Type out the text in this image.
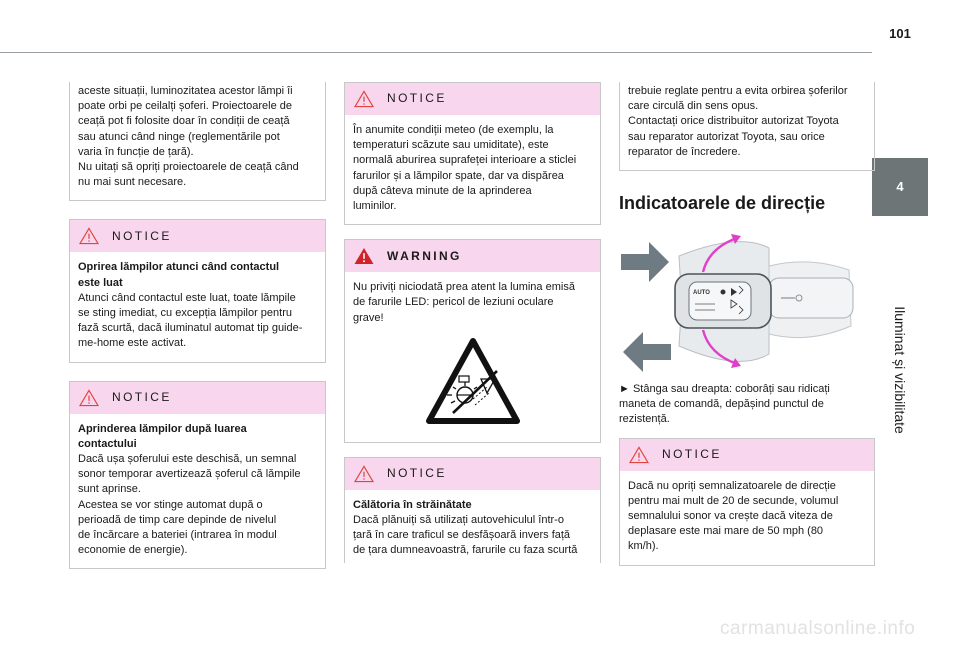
101
4
Iluminat și vizibilitate
aceste situații, luminozitatea acestor lămpi îi
poate orbi pe ceilalți șoferi. Proiectoarele de
ceață pot fi folosite doar în condiții de ceață
sau atunci când ninge (reglementările pot
varia în funcție de țară).
Nu uitați să opriți proiectoarele de ceață când
nu mai sunt necesare.
NOTICE
Oprirea lămpilor atunci când contactul
este luat
Atunci când contactul este luat, toate lămpile
se sting imediat, cu excepția lămpilor pentru
fază scurtă, dacă iluminatul automat tip guide-
me-home este activat.
NOTICE
Aprinderea lămpilor după luarea
contactului
Dacă ușa șoferului este deschisă, un semnal
sonor temporar avertizează șoferul că lămpile
sunt aprinse.
Acestea se vor stinge automat după o
perioadă de timp care depinde de nivelul
de încărcare a bateriei (intrarea în modul
economie de energie).
NOTICE
În anumite condiții meteo (de exemplu, la
temperaturi scăzute sau umiditate), este
normală aburirea suprafeței interioare a sticlei
farurilor și a lămpilor spate, dar va dispărea
după câteva minute de la aprinderea
luminilor.
WARNING
Nu priviți niciodată prea atent la lumina emisă
de farurile LED: pericol de leziuni oculare
grave!
NOTICE
Călătoria în străinătate
Dacă plănuiți să utilizați autovehiculul într-o
țară în care traficul se desfășoară invers față
de țara dumneavoastră, farurile cu faza scurtă
trebuie reglate pentru a evita orbirea șoferilor
care circulă din sens opus.
Contactați orice distribuitor autorizat Toyota
sau reparator autorizat Toyota, sau orice
reparator de încredere.
Indicatoarele de direcție
AUTO
► Stânga sau dreapta: coborâți sau ridicați
maneta de comandă, depășind punctul de
rezistență.
NOTICE
Dacă nu opriți semnalizatoarele de direcție
pentru mai mult de 20 de secunde, volumul
semnalului sonor va crește dacă viteza de
deplasare este mai mare de 50 mph (80
km/h).
carmanualsonline.info
